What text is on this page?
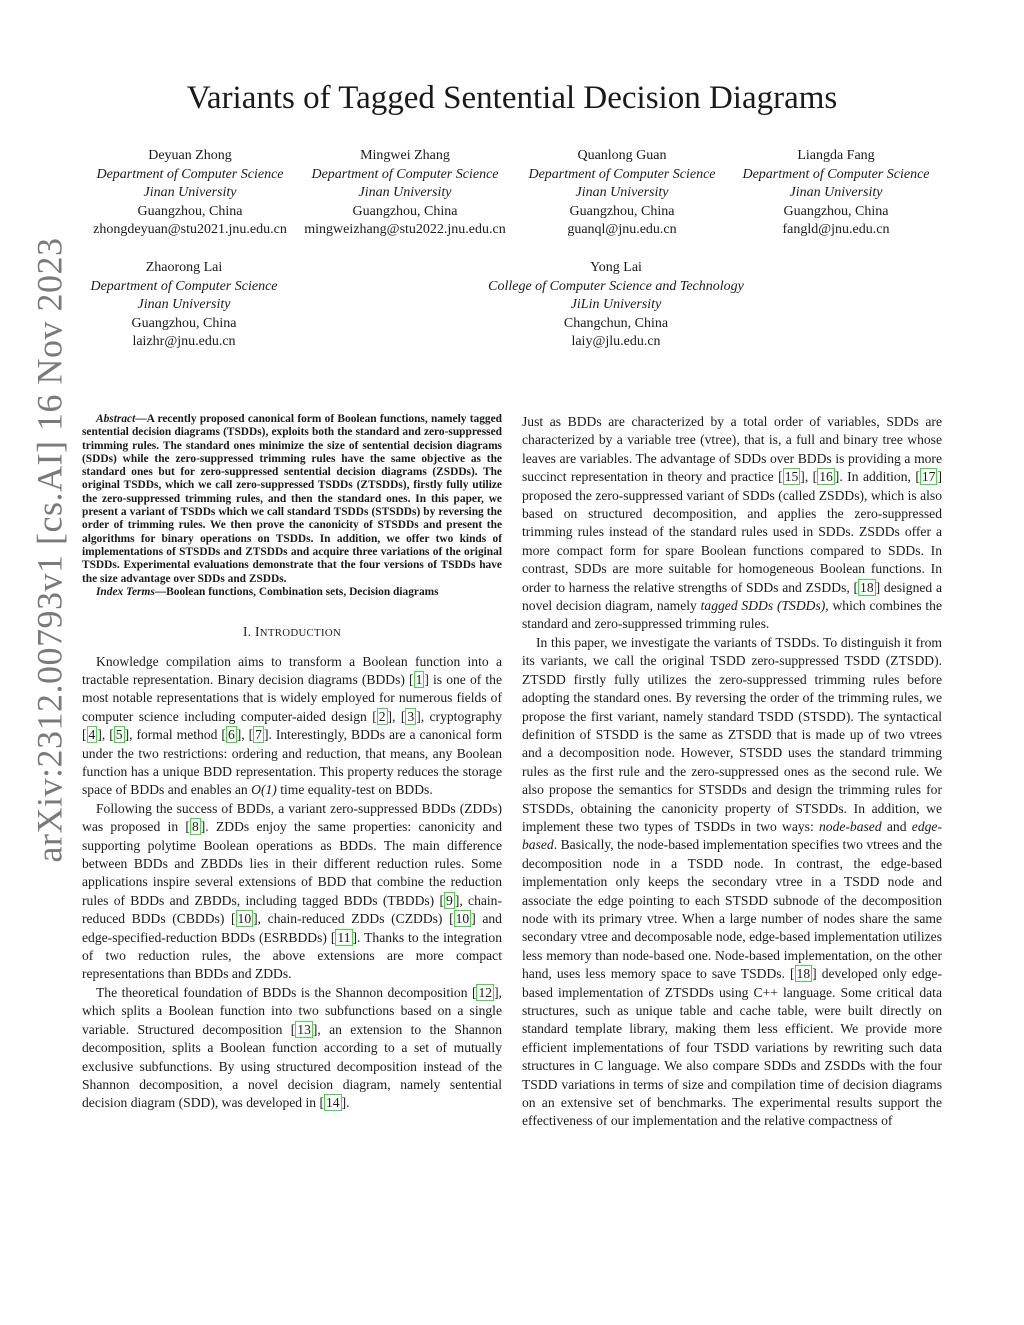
arXiv:2312.00793v1 [cs.AI] 16 Nov 2023
Variants of Tagged Sentential Decision Diagrams
Deyuan Zhong
Department of Computer Science
Jinan University
Guangzhou, China
zhongdeyuan@stu2021.jnu.edu.cn
Mingwei Zhang
Department of Computer Science
Jinan University
Guangzhou, China
mingweizhang@stu2022.jnu.edu.cn
Quanlong Guan
Department of Computer Science
Jinan University
Guangzhou, China
guanql@jnu.edu.cn
Liangda Fang
Department of Computer Science
Jinan University
Guangzhou, China
fangld@jnu.edu.cn
Zhaorong Lai
Department of Computer Science
Jinan University
Guangzhou, China
laizhr@jnu.edu.cn
Yong Lai
College of Computer Science and Technology
JiLin University
Changchun, China
laiy@jlu.edu.cn

Abstract—A recently proposed canonical form of Boolean functions, namely tagged sentential decision diagrams (TSDDs), exploits both the standard and zero-suppressed trimming rules. The standard ones minimize the size of sentential decision diagrams (SDDs) while the zero-suppressed trimming rules have the same objective as the standard ones but for zero-suppressed sentential decision diagrams (ZSDDs). The original TSDDs, which we call zero-suppressed TSDDs (ZTSDDs), firstly fully utilize the zero-suppressed trimming rules, and then the standard ones. In this paper, we present a variant of TSDDs which we call standard TSDDs (STSDDs) by reversing the order of trimming rules. We then prove the canonicity of STSDDs and present the algorithms for binary operations on TSDDs. In addition, we offer two kinds of implementations of STSDDs and ZTSDDs and acquire three variations of the original TSDDs. Experimental evaluations demonstrate that the four versions of TSDDs have the size advantage over SDDs and ZSDDs.

Index Terms—Boolean functions, Combination sets, Decision diagrams

I. INTRODUCTION

Knowledge compilation aims to transform a Boolean function into a tractable representation. Binary decision diagrams (BDDs) [ 1 ] is one of the most notable representations that is widely employed for numerous fields of computer science including computer-aided design [ 2 ], [ 3 ], cryptography [ 4 ], [ 5 ], formal method [ 6 ], [ 7 ]. Interestingly, BDDs are a canonical form under the two restrictions: ordering and reduction, that means, any Boolean function has a unique BDD representation. This property reduces the storage space of BDDs and enables an O(1) time equality-test on BDDs.

Following the success of BDDs, a variant zero-suppressed BDDs (ZDDs) was proposed in [ 8 ]. ZDDs enjoy the same properties: canonicity and supporting polytime Boolean operations as BDDs. The main difference between BDDs and ZBDDs lies in their different reduction rules. Some applications inspire several extensions of BDD that combine the reduction rules of BDDs and ZBDDs, including tagged BDDs (TBDDs) [ 9 ], chain-reduced BDDs (CBDDs) [ 10 ], chain-reduced ZDDs (CZDDs) [ 10 ] and edge-specified-reduction BDDs (ESRBDDs) [ 11 ]. Thanks to the integration of two reduction rules, the above extensions are more compact representations than BDDs and ZDDs.

The theoretical foundation of BDDs is the Shannon decomposition [ 12 ], which splits a Boolean function into two subfunctions based on a single variable. Structured decomposition [ 13 ], an extension to the Shannon decomposition, splits a Boolean function according to a set of mutually exclusive subfunctions. By using structured decomposition instead of the Shannon decomposition, a novel decision diagram, namely sentential decision diagram (SDD), was developed in [ 14 ].

Just as BDDs are characterized by a total order of variables, SDDs are characterized by a variable tree (vtree), that is, a full and binary tree whose leaves are variables. The advantage of SDDs over BDDs is providing a more succinct representation in theory and practice [ 15 ], [ 16 ]. In addition, [ 17 ] proposed the zero-suppressed variant of SDDs (called ZSDDs), which is also based on structured decomposition, and applies the zero-suppressed trimming rules instead of the standard rules used in SDDs. ZSDDs offer a more compact form for spare Boolean functions compared to SDDs. In contrast, SDDs are more suitable for homogeneous Boolean functions. In order to harness the relative strengths of SDDs and ZSDDs, [ 18 ] designed a novel decision diagram, namely tagged SDDs (TSDDs), which combines the standard and zero-suppressed trimming rules.

In this paper, we investigate the variants of TSDDs. To distinguish it from its variants, we call the original TSDD zero-suppressed TSDD (ZTSDD). ZTSDD firstly fully utilizes the zero-suppressed trimming rules before adopting the standard ones. By reversing the order of the trimming rules, we propose the first variant, namely standard TSDD (STSDD). The syntactical definition of STSDD is the same as ZTSDD that is made up of two vtrees and a decomposition node. However, STSDD uses the standard trimming rules as the first rule and the zero-suppressed ones as the second rule. We also propose the semantics for STSDDs and design the trimming rules for STSDDs, obtaining the canonicity property of STSDDs. In addition, we implement these two types of TSDDs in two ways: node-based and edge-based. Basically, the node-based implementation specifies two vtrees and the decomposition node in a TSDD node. In contrast, the edge-based implementation only keeps the secondary vtree in a TSDD node and associate the edge pointing to each STSDD subnode of the decomposition node with its primary vtree. When a large number of nodes share the same secondary vtree and decomposable node, edge-based implementation utilizes less memory than node-based one. Node-based implementation, on the other hand, uses less memory space to save TSDDs. [ 18 ] developed only edge-based implementation of ZTSDDs using C++ language. Some critical data structures, such as unique table and cache table, were built directly on standard template library, making them less efficient. We provide more efficient implementations of four TSDD variations by rewriting such data structures in C language. We also compare SDDs and ZSDDs with the four TSDD variations in terms of size and compilation time of decision diagrams on an extensive set of benchmarks. The experimental results support the effectiveness of our implementation and the relative compactness of
